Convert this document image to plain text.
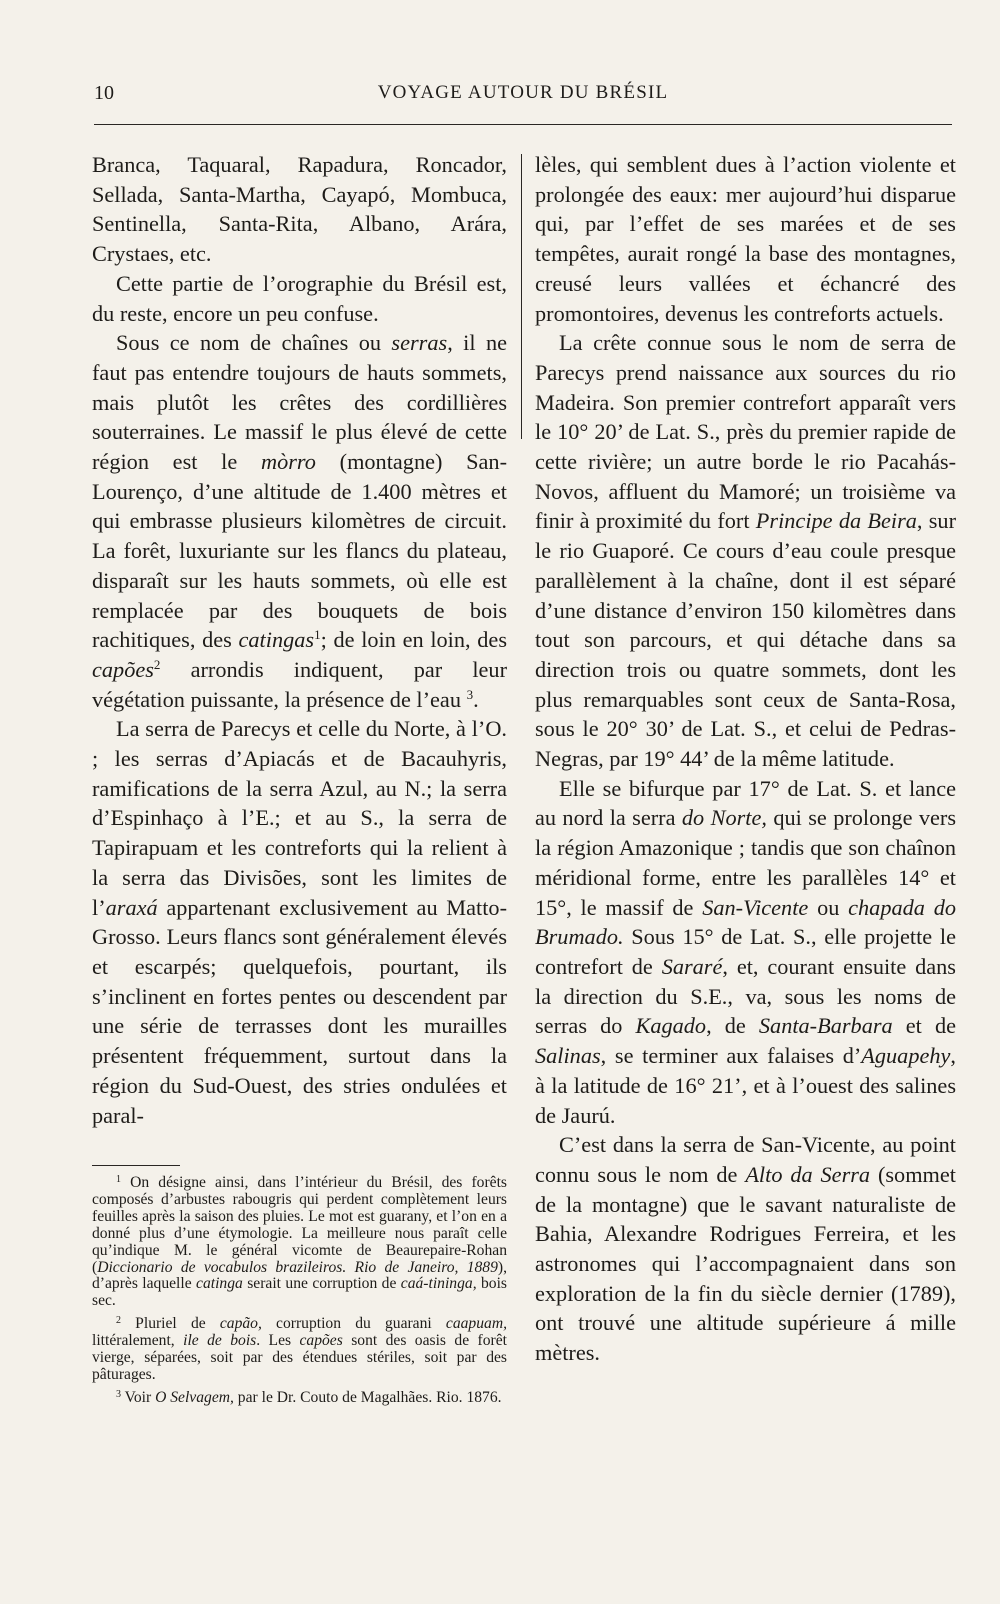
10	VOYAGE AUTOUR DU BRÉSIL

Branca, Taquaral, Rapadura, Roncador, Sellada, Santa-Martha, Cayapó, Mombuca, Sentinella, Santa-Rita, Albano, Arára, Crystaes, etc.

Cette partie de l’orographie du Brésil est, du reste, encore un peu confuse.

Sous ce nom de chaînes ou serras, il ne faut pas entendre toujours de hauts sommets, mais plutôt les crêtes des cordillières souterraines. Le massif le plus élevé de cette région est le mòrro (montagne) San-Lourenço, d’une altitude de 1.400 mètres et qui embrasse plusieurs kilomètres de circuit. La forêt, luxuriante sur les flancs du plateau, disparaît sur les hauts sommets, où elle est remplacée par des bouquets de bois rachitiques, des catingas$^1$; de loin en loin, des capões$^2$ arrondis indiquent, par leur végétation puissante, la présence de l’eau $^3$.

La serra de Parecys et celle du Norte, à l’O. ; les serras d’Apiacás et de Bacauhyris, ramifications de la serra Azul, au N.; la serra d’Espinhaço à l’E.; et au S., la serra de Tapirapuam et les contreforts qui la relient à la serra das Divisões, sont les limites de l’araxá appartenant exclusivement au Matto-Grosso. Leurs flancs sont généralement élevés et escarpés; quelquefois, pourtant, ils s’inclinent en fortes pentes ou descendent par une série de terrasses dont les murailles présentent fréquemment, surtout dans la région du Sud-Ouest, des stries ondulées et paral-

lèles, qui semblent dues à l’action violente et prolongée des eaux: mer aujourd’hui disparue qui, par l’effet de ses marées et de ses tempêtes, aurait rongé la base des montagnes, creusé leurs vallées et échancré des promontoires, devenus les contreforts actuels.

La crête connue sous le nom de serra de Parecys prend naissance aux sources du rio Madeira. Son premier contrefort apparaît vers le 10° 20’ de Lat. S., près du premier rapide de cette rivière; un autre borde le rio Pacahás-Novos, affluent du Mamoré; un troisième va finir à proximité du fort Principe da Beira, sur le rio Guaporé. Ce cours d’eau coule presque parallèlement à la chaîne, dont il est séparé d’une distance d’environ 150 kilomètres dans tout son parcours, et qui détache dans sa direction trois ou quatre sommets, dont les plus remarquables sont ceux de Santa-Rosa, sous le 20° 30’ de Lat. S., et celui de Pedras-Negras, par 19° 44’ de la même latitude.

Elle se bifurque par 17° de Lat. S. et lance au nord la serra do Norte, qui se prolonge vers la région Amazonique ; tandis que son chaînon méridional forme, entre les parallèles 14° et 15°, le massif de San-Vicente ou chapada do Brumado. Sous 15° de Lat. S., elle projette le contrefort de Sararé, et, courant ensuite dans la direction du S.E., va, sous les noms de serras do Kagado, de Santa-Barbara et de Salinas, se terminer aux falaises d’Aguapehy, à la latitude de 16° 21’, et à l’ouest des salines de Jaurú.

C’est dans la serra de San-Vicente, au point connu sous le nom de Alto da Serra (sommet de la montagne) que le savant naturaliste de Bahia, Alexandre Rodrigues Ferreira, et les astronomes qui l’accompagnaient dans son exploration de la fin du siècle dernier (1789), ont trouvé une altitude supérieure á mille mètres.

$^1$ On désigne ainsi, dans l’intérieur du Brésil, des forêts composés d’arbustes rabougris qui perdent complètement leurs feuilles après la saison des pluies. Le mot est guarany, et l’on en a donné plus d’une étymologie. La meilleure nous paraît celle qu’indique M. le général vicomte de Beaurepaire-Rohan (Diccionario de vocabulos brazileiros. Rio de Janeiro, 1889), d’après laquelle catinga serait une corruption de caá-tininga, bois sec.

$^2$ Pluriel de capão, corruption du guarani caapuam, littéralement, ile de bois. Les capões sont des oasis de forêt vierge, séparées, soit par des étendues stériles, soit par des pâturages.

$^3$ Voir O Selvagem, par le Dr. Couto de Magalhães. Rio. 1876.
